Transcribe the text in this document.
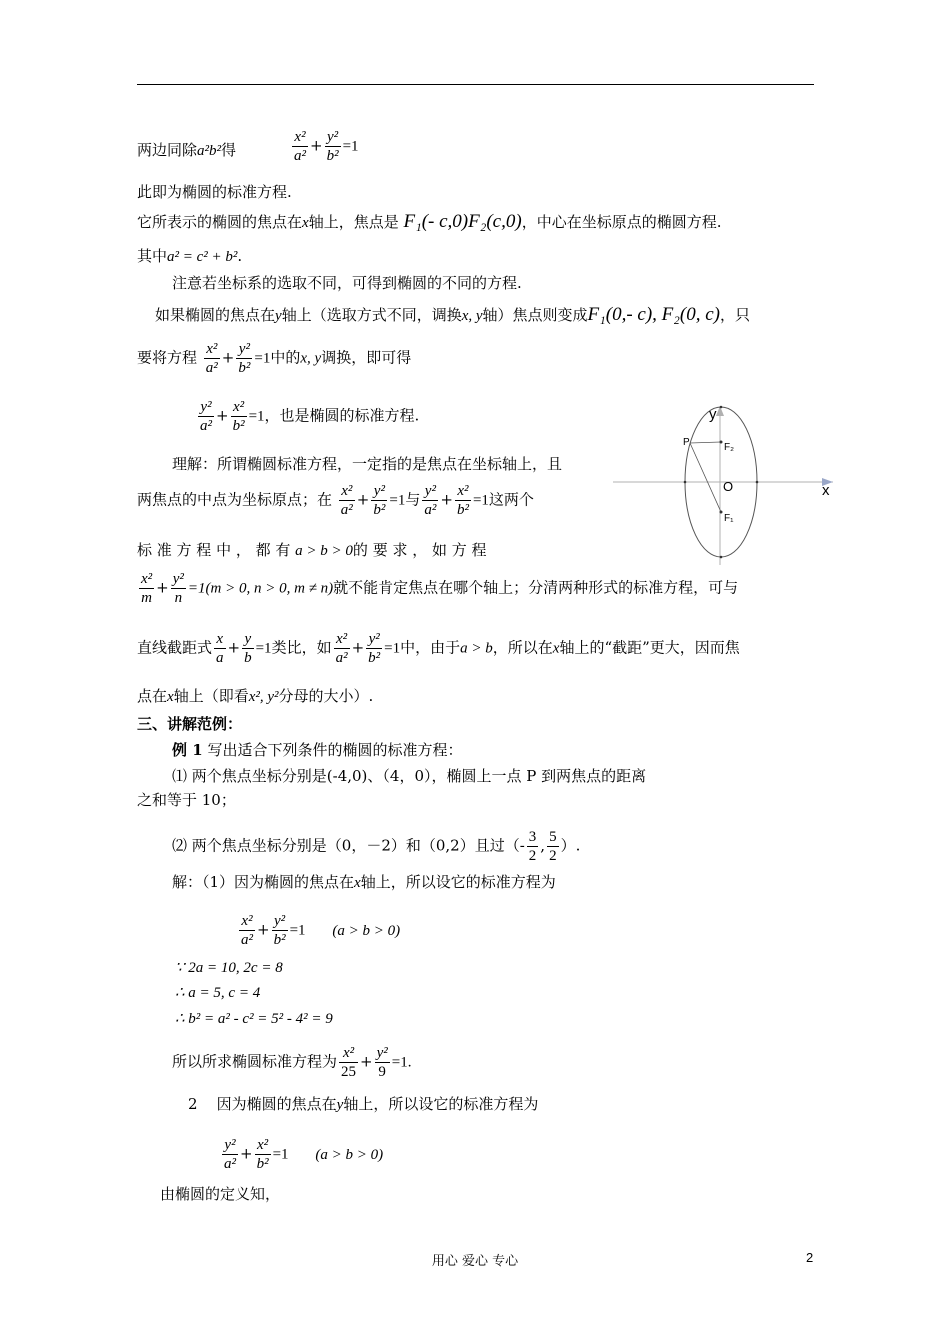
两边同除a²b²得	$\frac{\text{x²}}{\text{a²}} + \frac{\text{y²}}{\text{b²}} =1$
此即为椭圆的标准方程.
它所表示的椭圆的焦点在x轴上，焦点是 F₁(- c,0)F₂(c,0)，中心在坐标原点的椭圆方程.
其中a² = c² + b².
注意若坐标系的选取不同，可得到椭圆的不同的方程.
如果椭圆的焦点在y轴上（选取方式不同，调换x, y轴）焦点则变成F₁(0,- c), F₂(0, c)，只
要将方程 $\frac{\text{x²}}{\text{a²}} + \frac{\text{y²}}{\text{b²}} =1$中的x, y调换，即可得
$\frac{\text{y²}}{\text{a²}} + \frac{\text{x²}}{\text{b²}} =1$，也是椭圆的标准方程.
理解：所谓椭圆标准方程，一定指的是焦点在坐标轴上，且
两焦点的中点为坐标原点；在 $\frac{\text{x²}}{\text{a²}} + \frac{\text{y²}}{\text{b²}} =1$与 $\frac{\text{y²}}{\text{a²}} + \frac{\text{x²}}{\text{b²}} =1$这两个
标 准 方 程 中 ， 都 有 a > b > 0的 要 求 ， 如 方 程
$\frac{\text{x²}}{m} + \frac{\text{y²}}{n} =1(m > 0$, n > 0, m ≠ n)就不能肯定焦点在哪个轴上；分清两种形式的标准方程，可与
直线截距式 $\frac{x}{a} + \frac{y}{b} =1$类比，如 $\frac{\text{x²}}{\text{a²}} + \frac{\text{y²}}{\text{b²}} =1$中，由于a > b，所以在x轴上的“截距”更大，因而焦
点在x轴上（即看x², y²分母的大小）.
三、讲解范例：
例 1 写出适合下列条件的椭圆的标准方程：
⑴ 两个焦点坐标分别是(-4,0)、（4，0），椭圆上一点 P 到两焦点的距离
之和等于 10；
⑵ 两个焦点坐标分别是（0，－2）和（0,2）且过（- $\frac{3}{2}$ , $\frac{5}{2}$ ）.
解：（1）因为椭圆的焦点在x轴上，所以设它的标准方程为
$\frac{\text{x²}}{\text{a²}} + \frac{\text{y²}}{\text{b²}} =1$ (a > b > 0)
∵ 2a = 10, 2c = 8
∴ a = 5, c = 4
∴ b² = a² - c² = 5² - 4² = 9
所以所求椭圆标准方程为 $\frac{\text{x²}}{25} + \frac{\text{y²}}{9} =1$.
2 因为椭圆的焦点在y轴上，所以设它的标准方程为
$\frac{\text{y²}}{\text{a²}} + \frac{\text{x²}}{\text{b²}} =1$ (a > b > 0)
由椭圆的定义知，
y
x
O
P	F₂
F₁
用心 爱心 专心	2
